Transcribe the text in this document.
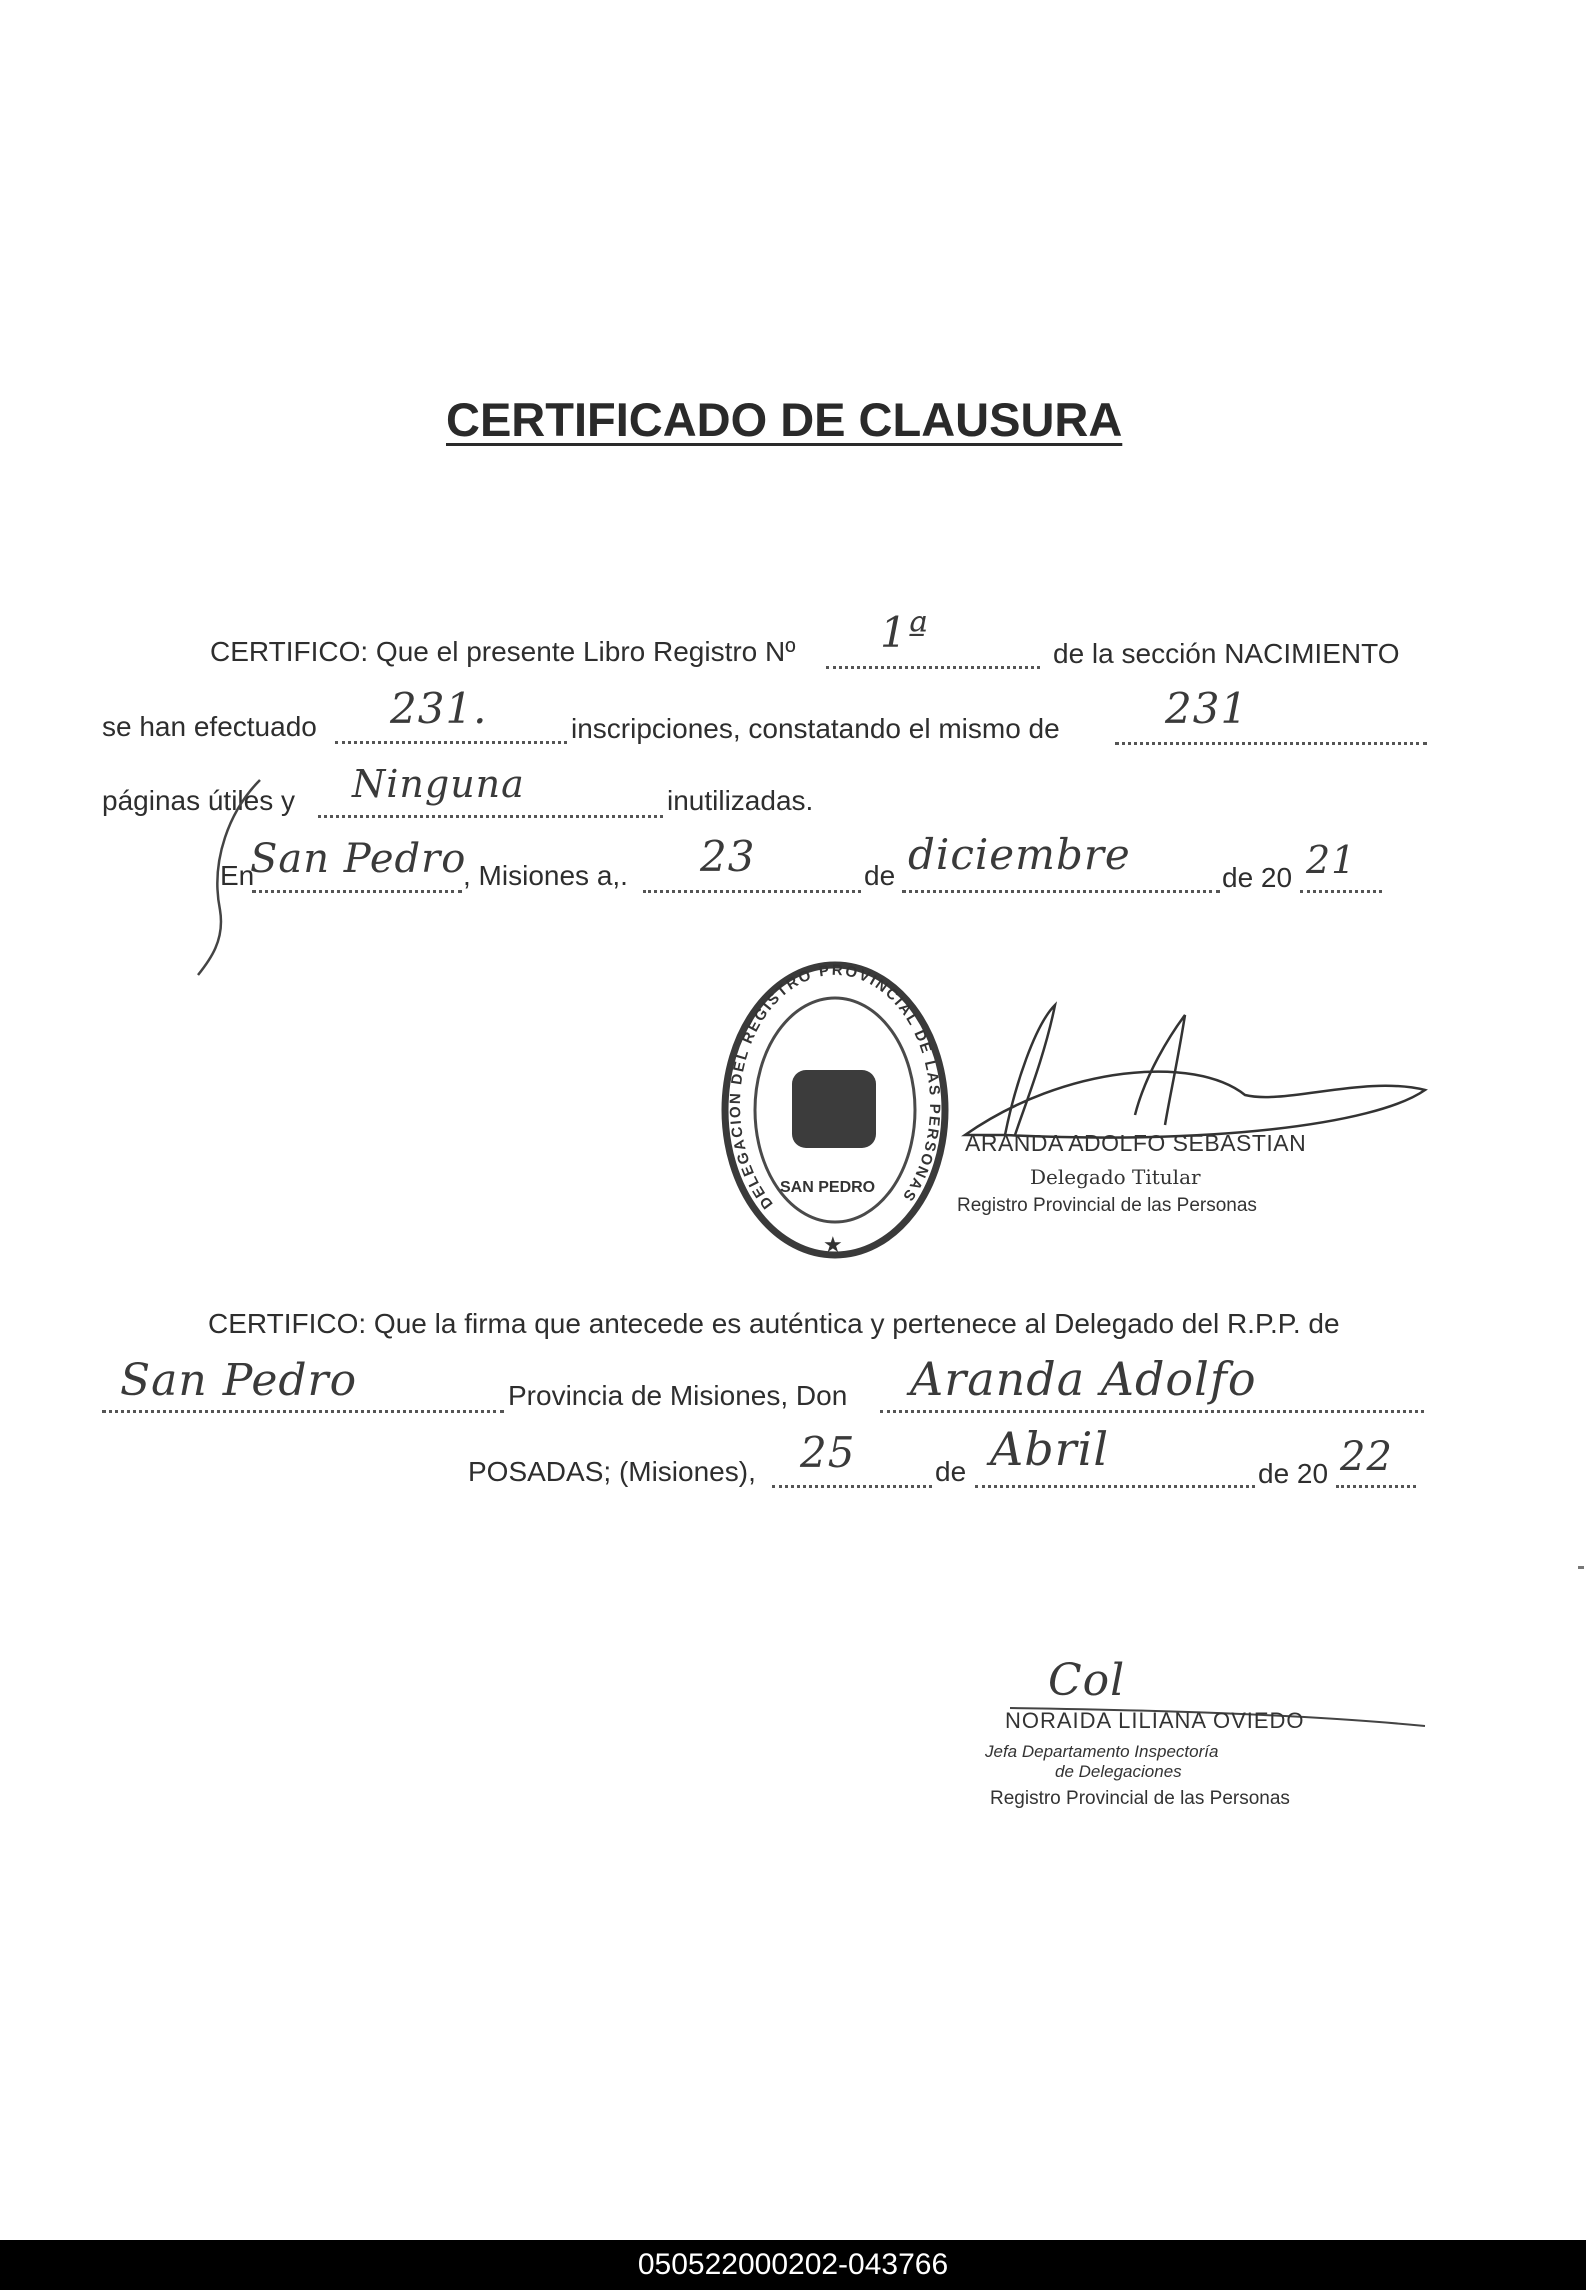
CERTIFICADO DE CLAUSURA
CERTIFICO: Que el presente Libro Registro Nº 1ª	de la sección NACIMIENTO
se han efectuado 231.	inscripciones, constatando el mismo de	231
páginas útiles y Ninguna	inutilizadas.
En
San Pedro
, Misiones a,. 23	de diciembre	de 20 21
DELEGACION DEL REGISTRO PROVINCIAL DE LAS PERSONAS
SAN PEDRO
★
ARANDA ADOLFO SEBASTIAN
Delegado Titular
Registro Provincial de las Personas
CERTIFICO: Que la firma que antecede es auténtica y pertenece al Delegado del R.P.P. de
San Pedro	Provincia de Misiones, Don Aranda Adolfo
POSADAS; (Misiones), 25	de Abril	de 20 22
Col
NORAIDA LILIANA OVIEDO
Jefa Departamento Inspectoría
de Delegaciones
Registro Provincial de las Personas
050522000202-043766
